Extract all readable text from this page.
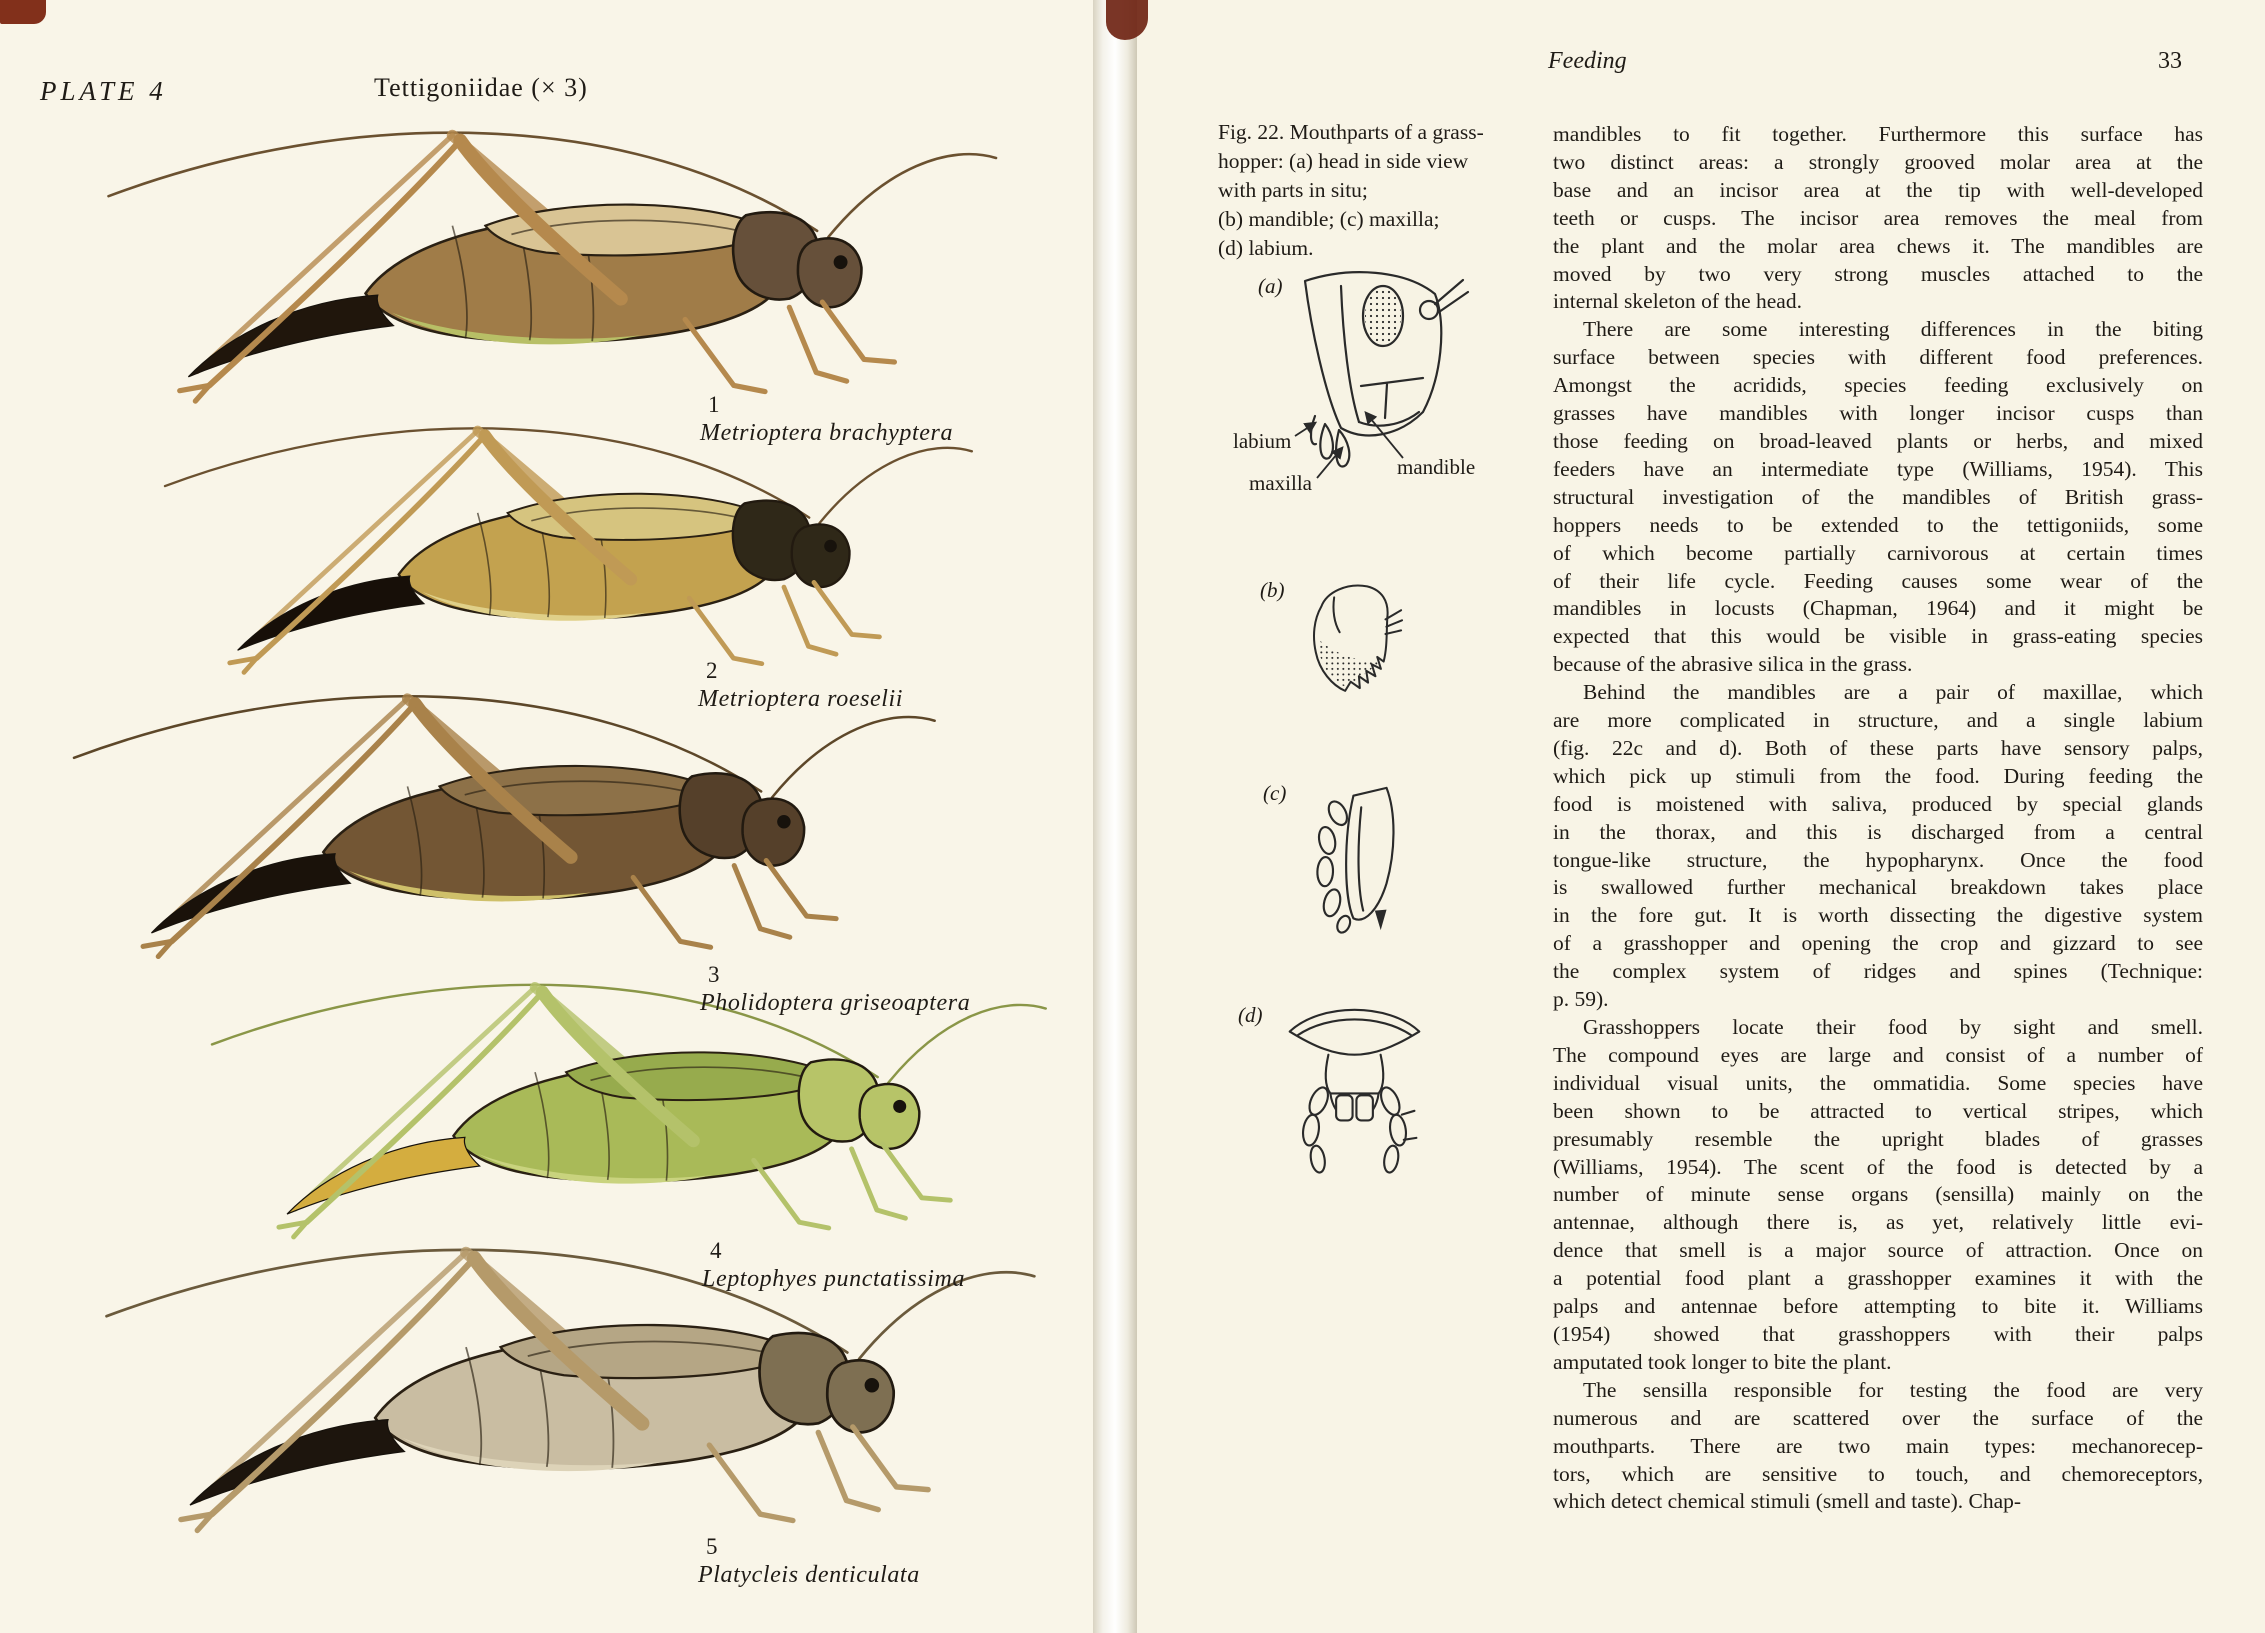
PLATE 4	Tettigoniidae (× 3)
1
Metrioptera brachyptera
2
Metrioptera roeselii
3
Pholidoptera griseoaptera
4
Leptophyes punctatissima
5
Platycleis denticulata
Feeding	33
Fig. 22. Mouthparts of a grass-
hopper: (a) head in side view
with parts in situ;
(b) mandible; (c) maxilla;
(d) labium.
(a)
(b)
(c)
(d)
labium
maxilla
mandible
mandibles to fit together. Furthermore this surface has
two distinct areas: a strongly grooved molar area at the
base and an incisor area at the tip with well-developed
teeth or cusps. The incisor area removes the meal from
the plant and the molar area chews it. The mandibles are
moved by two very strong muscles attached to the
internal skeleton of the head.
There are some interesting differences in the biting
surface between species with different food preferences.
Amongst the acridids, species feeding exclusively on
grasses have mandibles with longer incisor cusps than
those feeding on broad-leaved plants or herbs, and mixed
feeders have an intermediate type (Williams, 1954). This
structural investigation of the mandibles of British grass-
hoppers needs to be extended to the tettigoniids, some
of which become partially carnivorous at certain times
of their life cycle. Feeding causes some wear of the
mandibles in locusts (Chapman, 1964) and it might be
expected that this would be visible in grass-eating species
because of the abrasive silica in the grass.
Behind the mandibles are a pair of maxillae, which
are more complicated in structure, and a single labium
(fig. 22c and d). Both of these parts have sensory palps,
which pick up stimuli from the food. During feeding the
food is moistened with saliva, produced by special glands
in the thorax, and this is discharged from a central
tongue-like structure, the hypopharynx. Once the food
is swallowed further mechanical breakdown takes place
in the fore gut. It is worth dissecting the digestive system
of a grasshopper and opening the crop and gizzard to see
the complex system of ridges and spines (Technique:
p. 59).
Grasshoppers locate their food by sight and smell.
The compound eyes are large and consist of a number of
individual visual units, the ommatidia. Some species have
been shown to be attracted to vertical stripes, which
presumably resemble the upright blades of grasses
(Williams, 1954). The scent of the food is detected by a
number of minute sense organs (sensilla) mainly on the
antennae, although there is, as yet, relatively little evi-
dence that smell is a major source of attraction. Once on
a potential food plant a grasshopper examines it with the
palps and antennae before attempting to bite it. Williams
(1954) showed that grasshoppers with their palps
amputated took longer to bite the plant.
The sensilla responsible for testing the food are very
numerous and are scattered over the surface of the
mouthparts. There are two main types: mechanorecep-
tors, which are sensitive to touch, and chemoreceptors,
which detect chemical stimuli (smell and taste). Chap-
